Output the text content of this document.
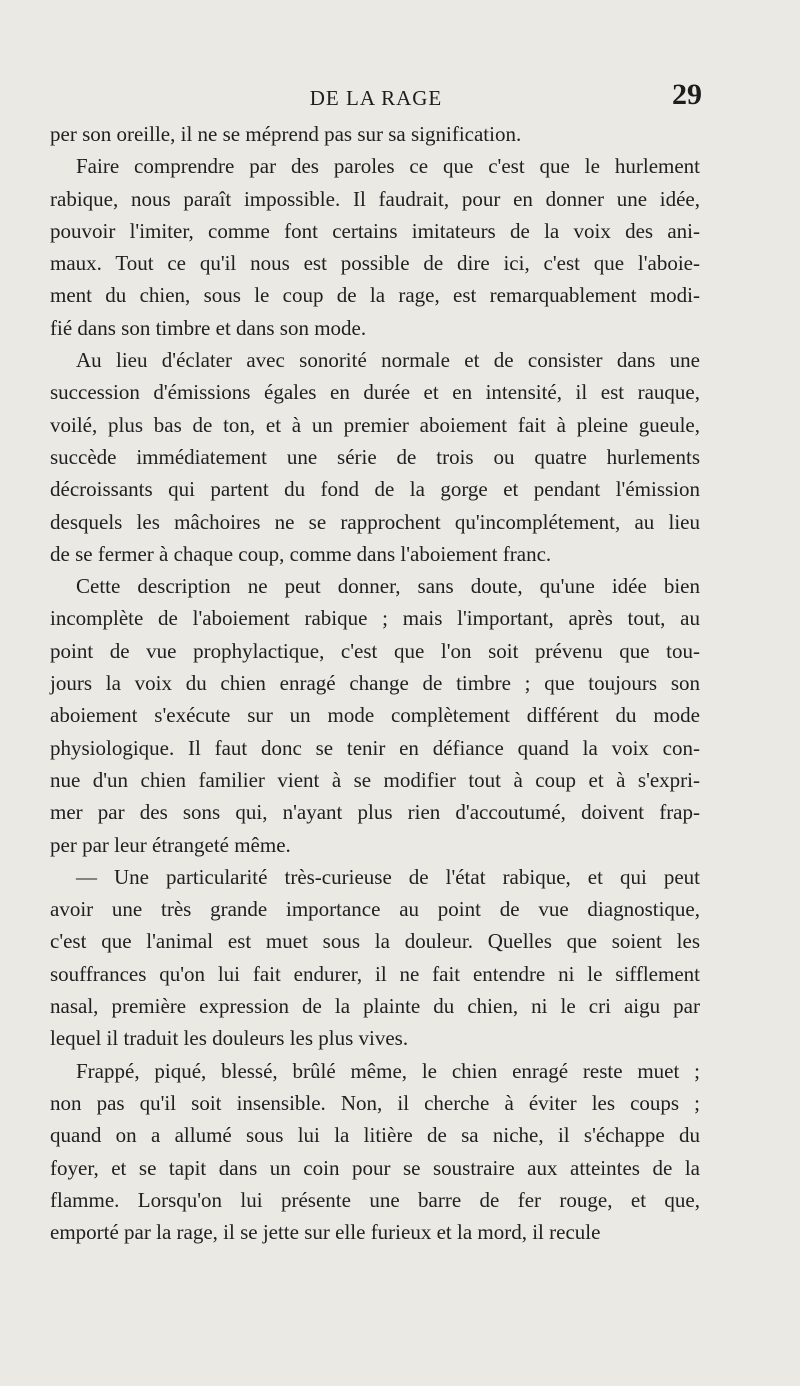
DE LA RAGE	29
per son oreille, il ne se méprend pas sur sa signification.
Faire comprendre par des paroles ce que c'est que le hurlement
rabique, nous paraît impossible. Il faudrait, pour en donner une idée,
pouvoir l'imiter, comme font certains imitateurs de la voix des ani-
maux. Tout ce qu'il nous est possible de dire ici, c'est que l'aboie-
ment du chien, sous le coup de la rage, est remarquablement modi-
fié dans son timbre et dans son mode.
Au lieu d'éclater avec sonorité normale et de consister dans une
succession d'émissions égales en durée et en intensité, il est rauque,
voilé, plus bas de ton, et à un premier aboiement fait à pleine gueule,
succède immédiatement une série de trois ou quatre hurlements
décroissants qui partent du fond de la gorge et pendant l'émission
desquels les mâchoires ne se rapprochent qu'incomplétement, au lieu
de se fermer à chaque coup, comme dans l'aboiement franc.
Cette description ne peut donner, sans doute, qu'une idée bien
incomplète de l'aboiement rabique ; mais l'important, après tout, au
point de vue prophylactique, c'est que l'on soit prévenu que tou-
jours la voix du chien enragé change de timbre ; que toujours son
aboiement s'exécute sur un mode complètement différent du mode
physiologique. Il faut donc se tenir en défiance quand la voix con-
nue d'un chien familier vient à se modifier tout à coup et à s'expri-
mer par des sons qui, n'ayant plus rien d'accoutumé, doivent frap-
per par leur étrangeté même.
— Une particularité très-curieuse de l'état rabique, et qui peut
avoir une très grande importance au point de vue diagnostique,
c'est que l'animal est muet sous la douleur. Quelles que soient les
souffrances qu'on lui fait endurer, il ne fait entendre ni le sifflement
nasal, première expression de la plainte du chien, ni le cri aigu par
lequel il traduit les douleurs les plus vives.
Frappé, piqué, blessé, brûlé même, le chien enragé reste muet ;
non pas qu'il soit insensible. Non, il cherche à éviter les coups ;
quand on a allumé sous lui la litière de sa niche, il s'échappe du
foyer, et se tapit dans un coin pour se soustraire aux atteintes de la
flamme. Lorsqu'on lui présente une barre de fer rouge, et que,
emporté par la rage, il se jette sur elle furieux et la mord, il recule
